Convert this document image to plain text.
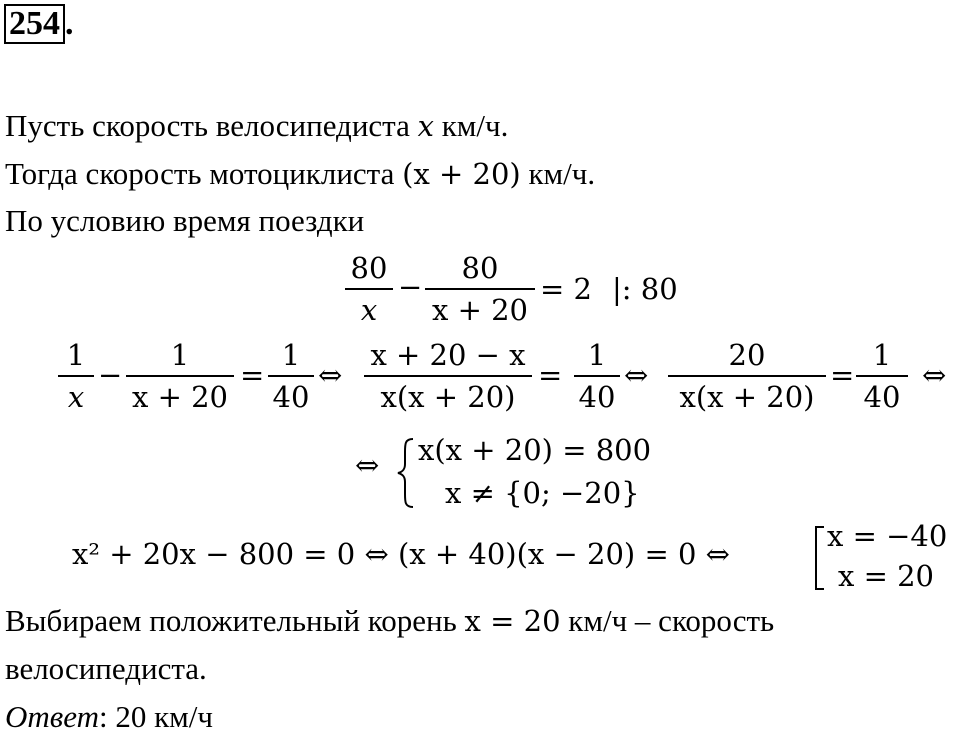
254 .
Пусть скорость велосипедиста x км/ч.
Тогда скорость мотоциклиста (x + 20) км/ч.
По условию время поездки
80
x
−
80
x + 20
= 2 |: 80
1
x
−
1
x + 20
=
1
40
⇔
x + 20 − x
x(x + 20)
=
1
40
⇔
20
x(x + 20)
=
1
40
⇔
⇔ x(x + 20) = 800
x ≠ {0; −20}
x² + 20x − 800 = 0 ⇔ (x + 40)(x − 20) = 0 ⇔
x = −40
x = 20
Выбираем положительный корень x = 20 км/ч – скорость
велосипедиста.
Ответ: 20 км/ч
